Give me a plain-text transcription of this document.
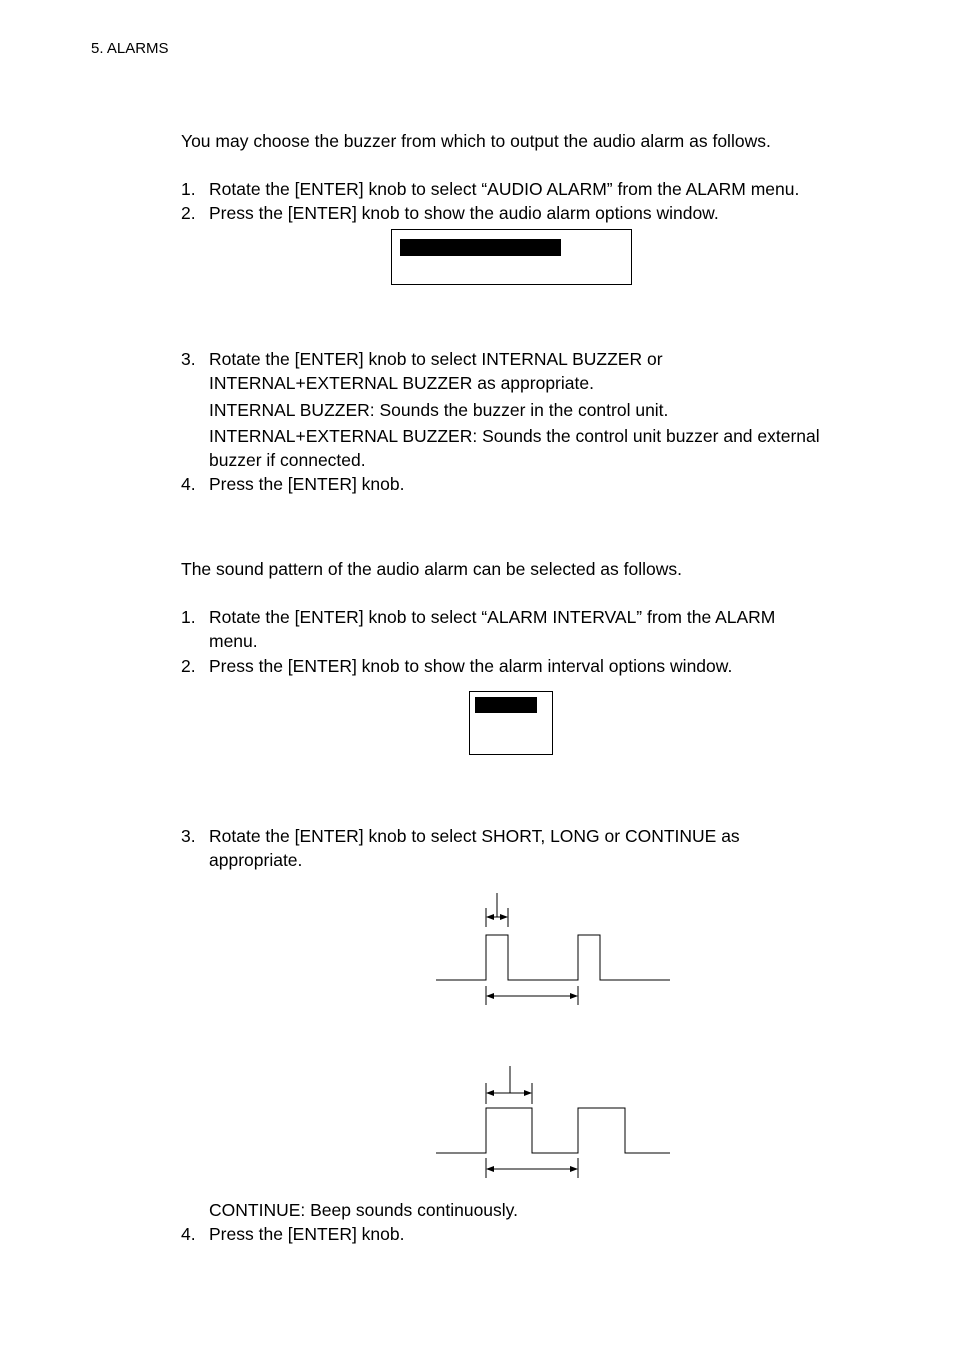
5. ALARMS
You may choose the buzzer from which to output the audio alarm as follows.
1. Rotate the [ENTER] knob to select “AUDIO ALARM” from the ALARM menu.
2. Press the [ENTER] knob to show the audio alarm options window.
3. Rotate the [ENTER] knob to select INTERNAL BUZZER or
INTERNAL+EXTERNAL BUZZER as appropriate.
INTERNAL BUZZER: Sounds the buzzer in the control unit.
INTERNAL+EXTERNAL BUZZER: Sounds the control unit buzzer and external
buzzer if connected.
4. Press the [ENTER] knob.
The sound pattern of the audio alarm can be selected as follows.
1. Rotate the [ENTER] knob to select “ALARM INTERVAL” from the ALARM
menu.
2. Press the [ENTER] knob to show the alarm interval options window.
3. Rotate the [ENTER] knob to select SHORT, LONG or CONTINUE as
appropriate.
CONTINUE: Beep sounds continuously.
4. Press the [ENTER] knob.
